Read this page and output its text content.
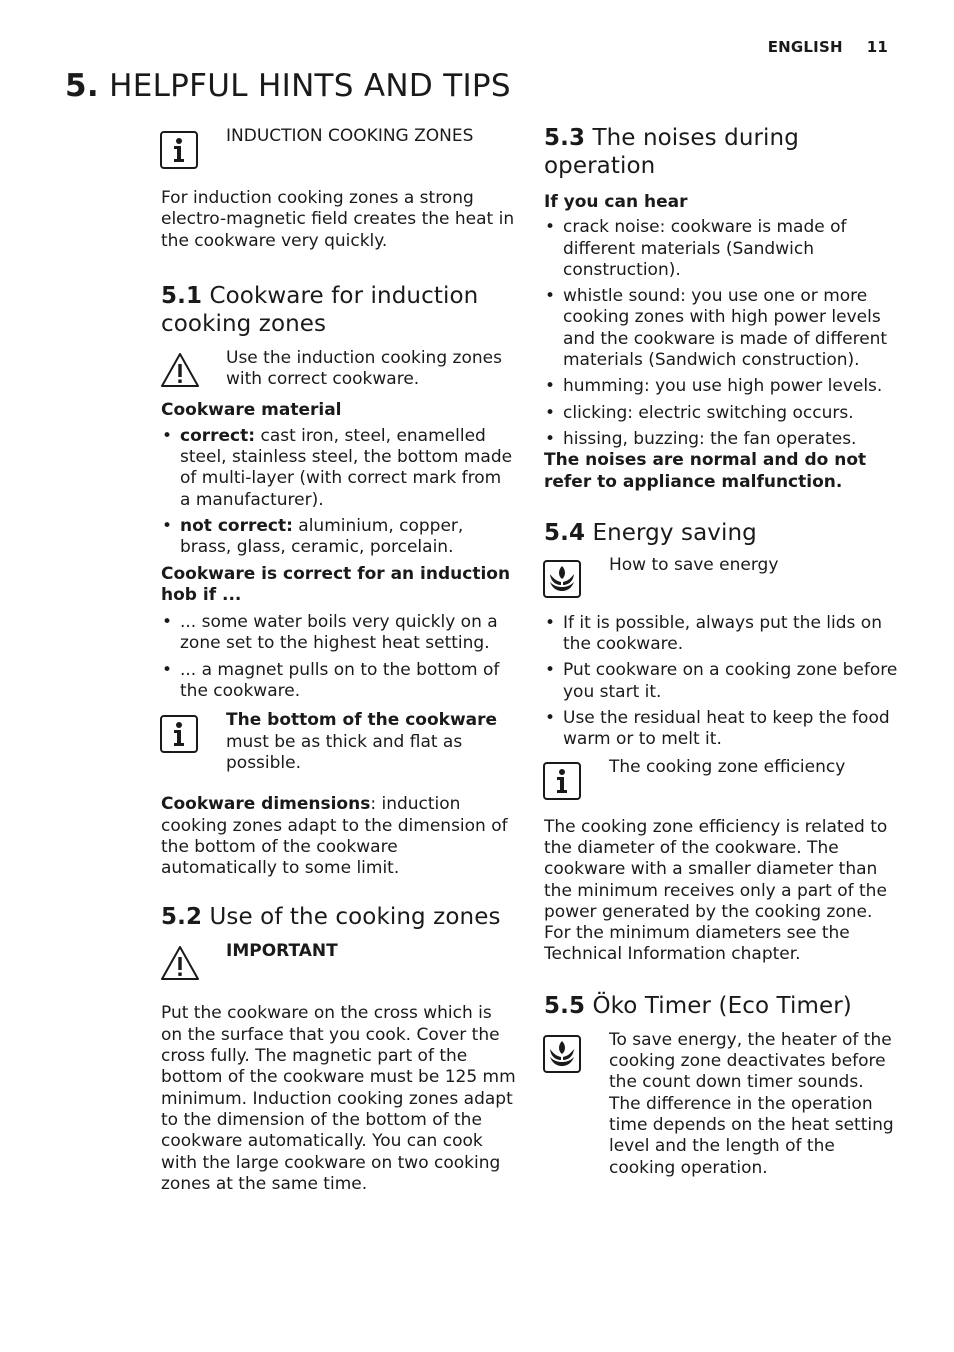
ENGLISH 11
5. HELPFUL HINTS AND TIPS
INDUCTION COOKING ZONES

For induction cooking zones a strong electro-magnetic field creates the heat in the cookware very quickly.

5.1 Cookware for induction cooking zones
Use the induction cooking zones with correct cookware.

Cookware material

• correct: cast iron, steel, enamelled steel, stainless steel, the bottom made of multi-layer (with correct mark from a manufacturer).
• not correct: aluminium, copper, brass, glass, ceramic, porcelain.

Cookware is correct for an induction hob if ...

• ... some water boils very quickly on a zone set to the highest heat setting.
• ... a magnet pulls on to the bottom of the cookware.
The bottom of the cookware must be as thick and flat as possible.

Cookware dimensions: induction cooking zones adapt to the dimension of the bottom of the cookware automatically to some limit.

5.2 Use of the cooking zones
IMPORTANT

Put the cookware on the cross which is on the surface that you cook. Cover the cross fully. The magnetic part of the bottom of the cookware must be 125 mm minimum. Induction cooking zones adapt to the dimension of the bottom of the cookware automatically. You can cook with the large cookware on two cooking zones at the same time.

5.3 The noises during operation

If you can hear

• crack noise: cookware is made of different materials (Sandwich construction).
• whistle sound: you use one or more cooking zones with high power levels and the cookware is made of different materials (Sandwich construction).
• humming: you use high power levels.
• clicking: electric switching occurs.
• hissing, buzzing: the fan operates.

The noises are normal and do not refer to appliance malfunction.

5.4 Energy saving
How to save energy
• If it is possible, always put the lids on the cookware.
• Put cookware on a cooking zone before you start it.
• Use the residual heat to keep the food warm or to melt it.
The cooking zone efficiency

The cooking zone efficiency is related to the diameter of the cookware. The cookware with a smaller diameter than the minimum receives only a part of the power generated by the cooking zone. For the minimum diameters see the Technical Information chapter.

5.5 Öko Timer (Eco Timer)
To save energy, the heater of the cooking zone deactivates before the count down timer sounds. The difference in the operation time depends on the heat setting level and the length of the cooking operation.
